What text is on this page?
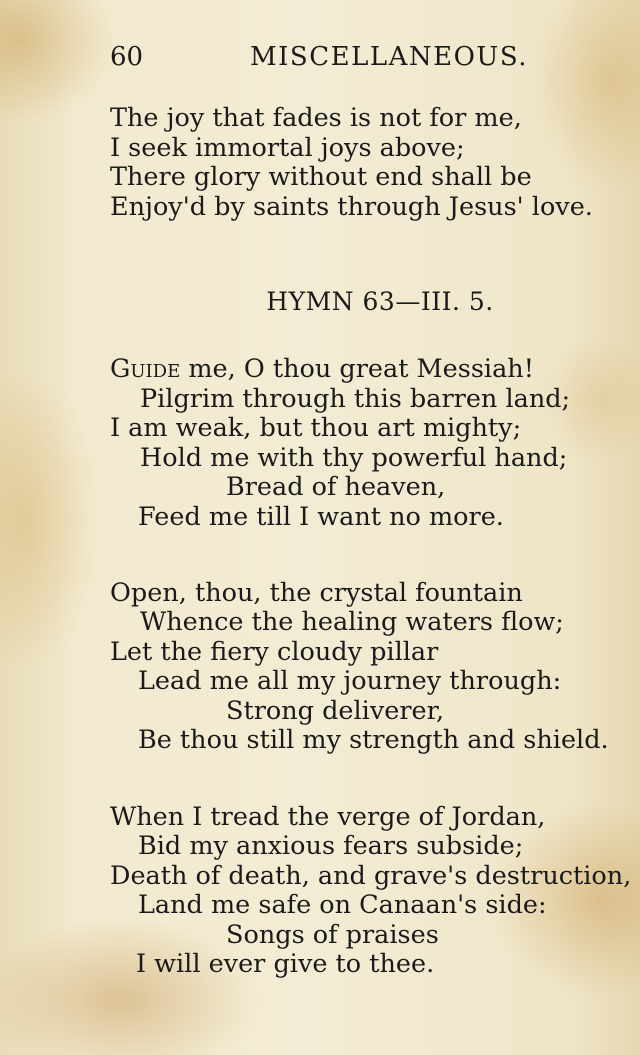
60	MISCELLANEOUS.
The joy that fades is not for me,
I seek immortal joys above;
There glory without end shall be
Enjoy'd by saints through Jesus' love.
HYMN 63—III. 5.
Guide me, O thou great Messiah!
Pilgrim through this barren land;
I am weak, but thou art mighty;
Hold me with thy powerful hand;
Bread of heaven,
Feed me till I want no more.
Open, thou, the crystal fountain
Whence the healing waters flow;
Let the fiery cloudy pillar
Lead me all my journey through:
Strong deliverer,
Be thou still my strength and shield.
When I tread the verge of Jordan,
Bid my anxious fears subside;
Death of death, and grave's destruction,
Land me safe on Canaan's side:
Songs of praises
I will ever give to thee.
